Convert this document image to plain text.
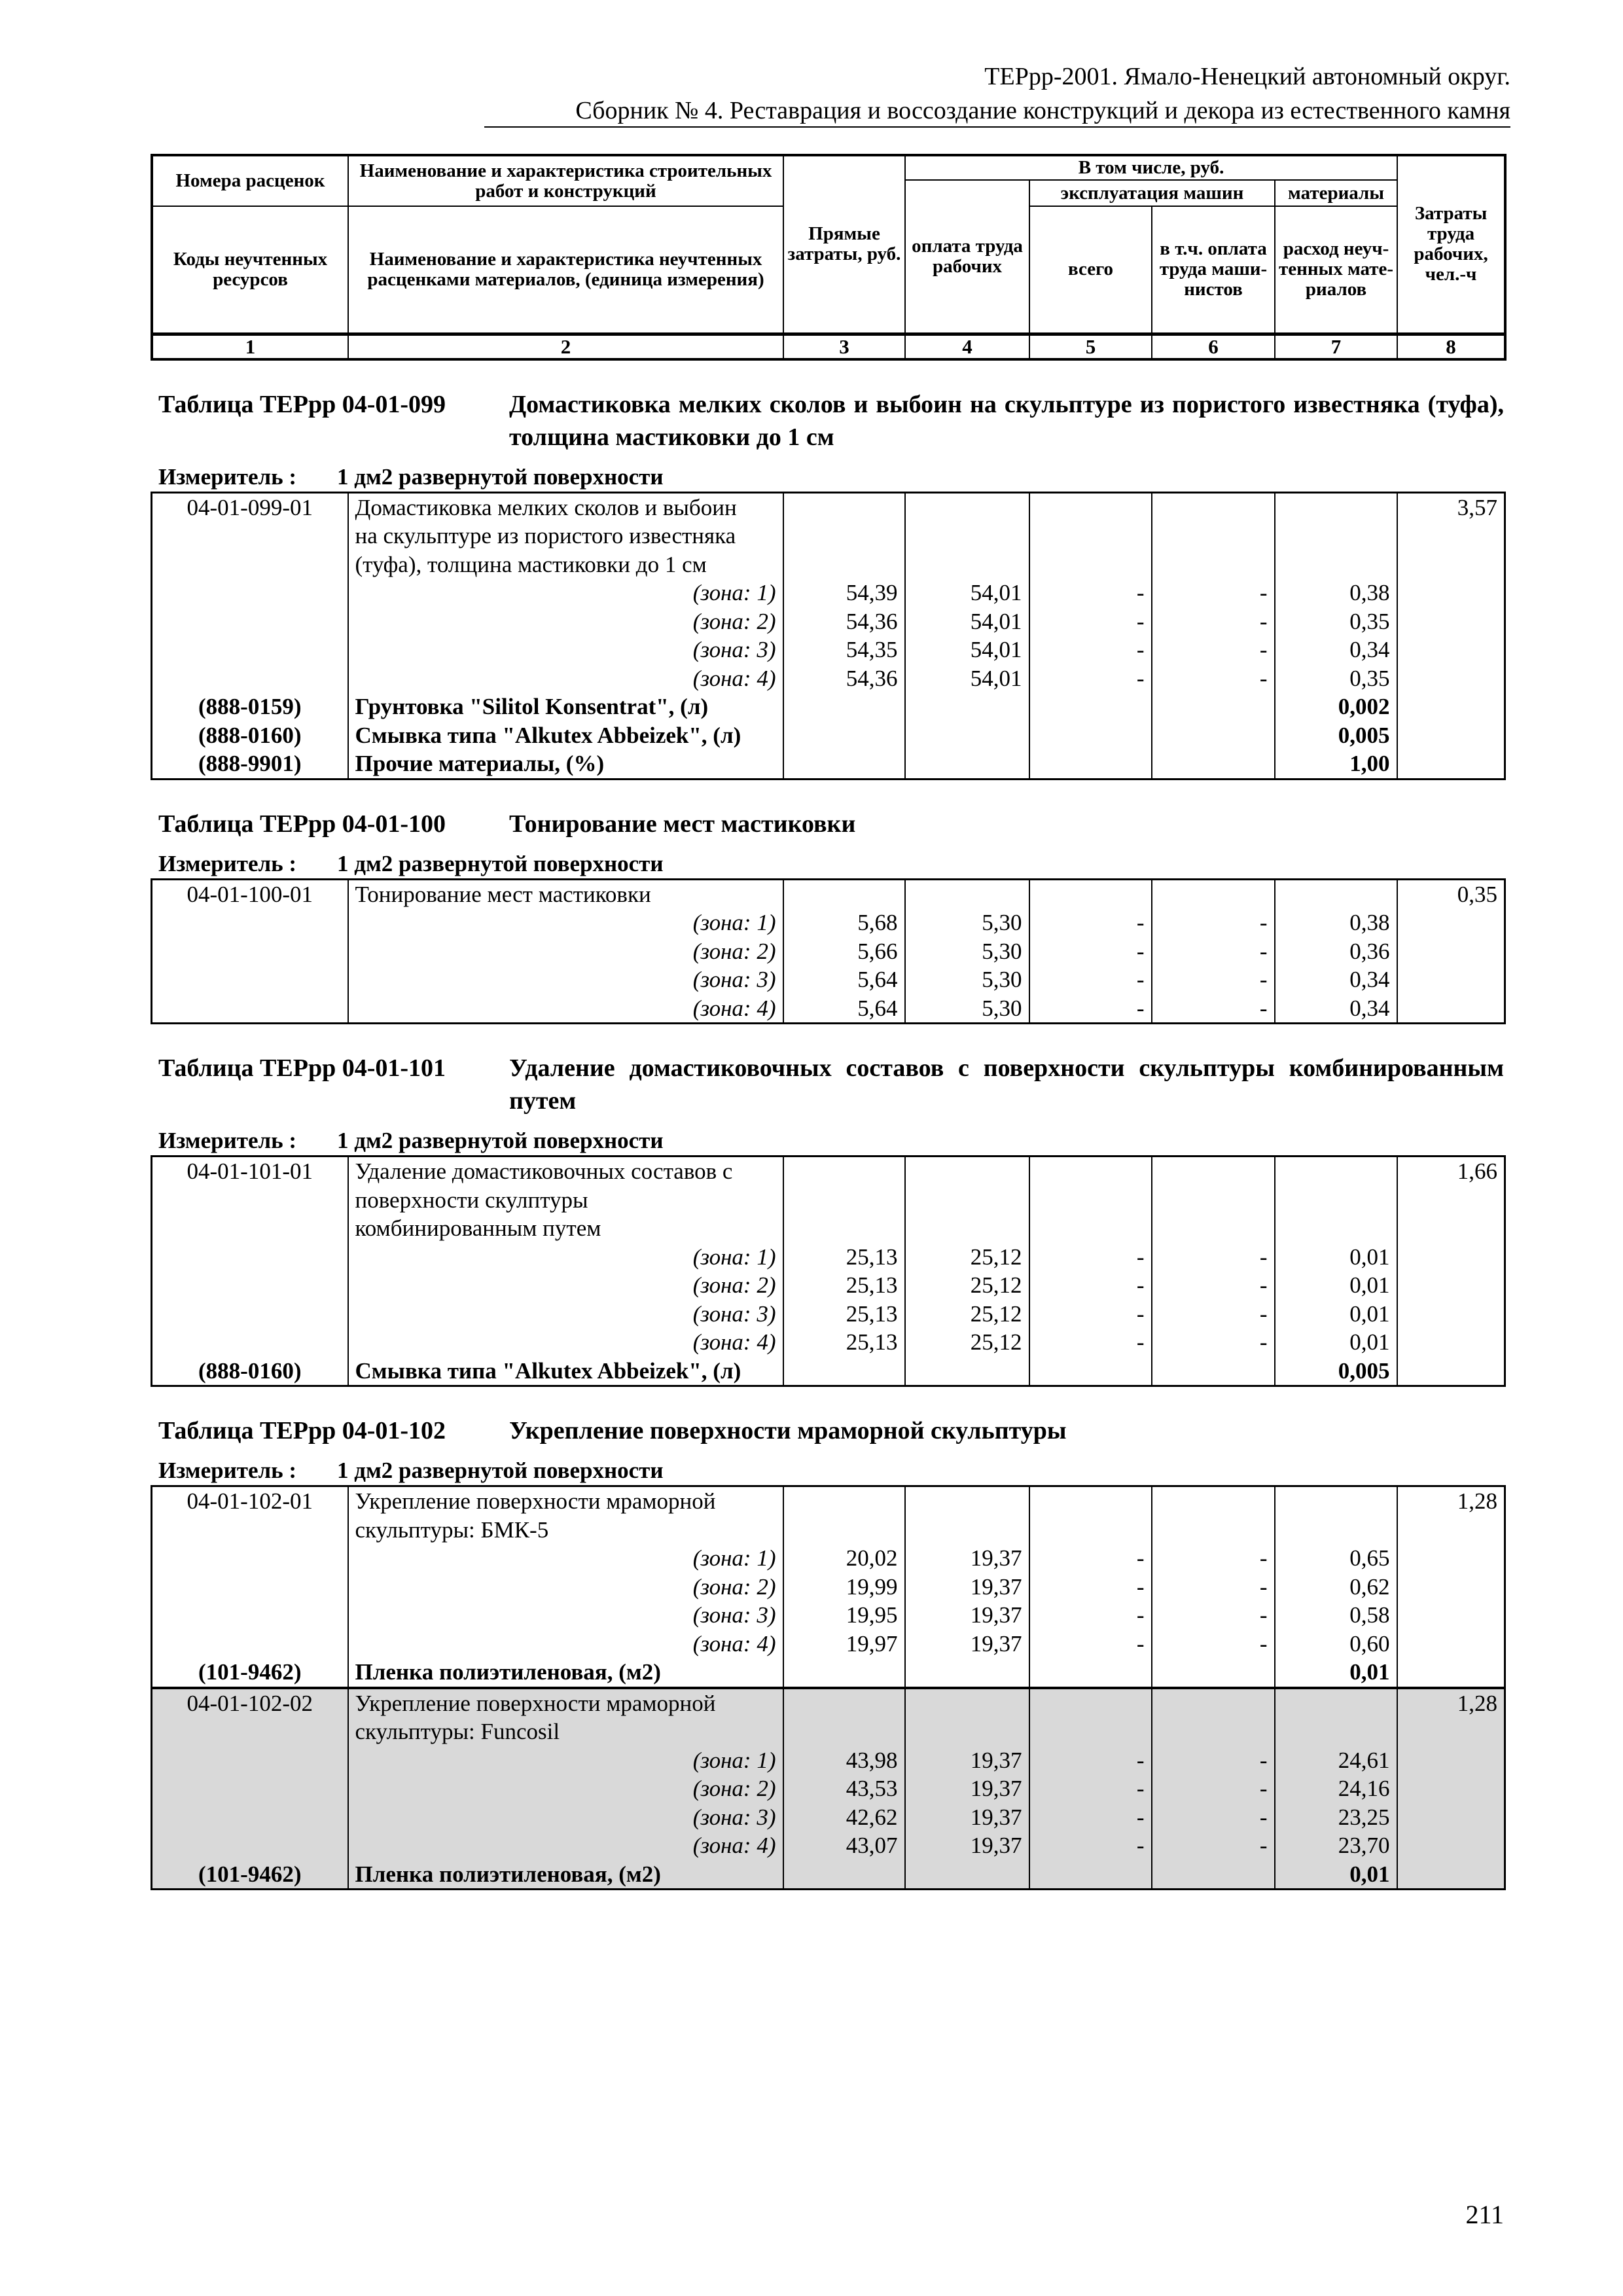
ТЕРрр-2001. Ямало-Ненецкий автономный округ.
Сборник № 4. Реставрация и воссоздание конструкций и декора из естественного камня
Номера расценок	Наименование и характеристика строительных работ и конструкций	Прямые затраты, руб.	В том числе, руб.				Затраты труда рабочих, чел.-ч
			оплата труда рабочих	эксплуатация машин		материалы	
Коды неучтенных ресурсов	Наименование и характеристика неучтенных расценками материалов, (единица измерения)			всего	в т.ч. оплата труда маши-нистов	расход неуч-тенных мате-риалов	

1	2	3	4	5	6	7	8
Таблица ТЕРрр 04-01-099	Домастиковка мелких сколов и выбоин на скульптуре из пористого известняка (туфа), толщина мастиковки до 1 см
Измеритель :	1 дм2 развернутой поверхности
04-01-099-01	Домастиковка мелких сколов и выбоин						3,57
	на скульптуре из пористого известняка						
	(туфа), толщина мастиковки до 1 см						
	(зона: 1)	54,39	54,01	-	-	0,38	
	(зона: 2)	54,36	54,01	-	-	0,35	
	(зона: 3)	54,35	54,01	-	-	0,34	
	(зона: 4)	54,36	54,01	-	-	0,35	
(888-0159)	Грунтовка "Silitol Konsentrat", (л)					0,002	
(888-0160)	Смывка типа "Alkutex Abbeizek", (л)					0,005	
(888-9901)	Прочие материалы, (%)					1,00	
Таблица ТЕРрр 04-01-100	Тонирование мест мастиковки
Измеритель :	1 дм2 развернутой поверхности
04-01-100-01	Тонирование мест мастиковки						0,35
	(зона: 1)	5,68	5,30	-	-	0,38	
	(зона: 2)	5,66	5,30	-	-	0,36	
	(зона: 3)	5,64	5,30	-	-	0,34	
	(зона: 4)	5,64	5,30	-	-	0,34	
Таблица ТЕРрр 04-01-101	Удаление домастиковочных составов с поверхности скульптуры комбинированным путем
Измеритель :	1 дм2 развернутой поверхности
04-01-101-01	Удаление домастиковочных составов с						1,66
	поверхности скулптуры						
	комбинированным путем						
	(зона: 1)	25,13	25,12	-	-	0,01	
	(зона: 2)	25,13	25,12	-	-	0,01	
	(зона: 3)	25,13	25,12	-	-	0,01	
	(зона: 4)	25,13	25,12	-	-	0,01	
(888-0160)	Смывка типа "Alkutex Abbeizek", (л)					0,005	
Таблица ТЕРрр 04-01-102	Укрепление поверхности мраморной скульптуры
Измеритель :	1 дм2 развернутой поверхности
04-01-102-01	Укрепление поверхности мраморной						1,28
	скульптуры: БМК-5						
	(зона: 1)	20,02	19,37	-	-	0,65	
	(зона: 2)	19,99	19,37	-	-	0,62	
	(зона: 3)	19,95	19,37	-	-	0,58	
	(зона: 4)	19,97	19,37	-	-	0,60	
(101-9462)	Пленка полиэтиленовая, (м2)					0,01	
04-01-102-02	Укрепление поверхности мраморной						1,28
	скульптуры: Funcosil						
	(зона: 1)	43,98	19,37	-	-	24,61	
	(зона: 2)	43,53	19,37	-	-	24,16	
	(зона: 3)	42,62	19,37	-	-	23,25	
	(зона: 4)	43,07	19,37	-	-	23,70	
(101-9462)	Пленка полиэтиленовая, (м2)					0,01	
211
